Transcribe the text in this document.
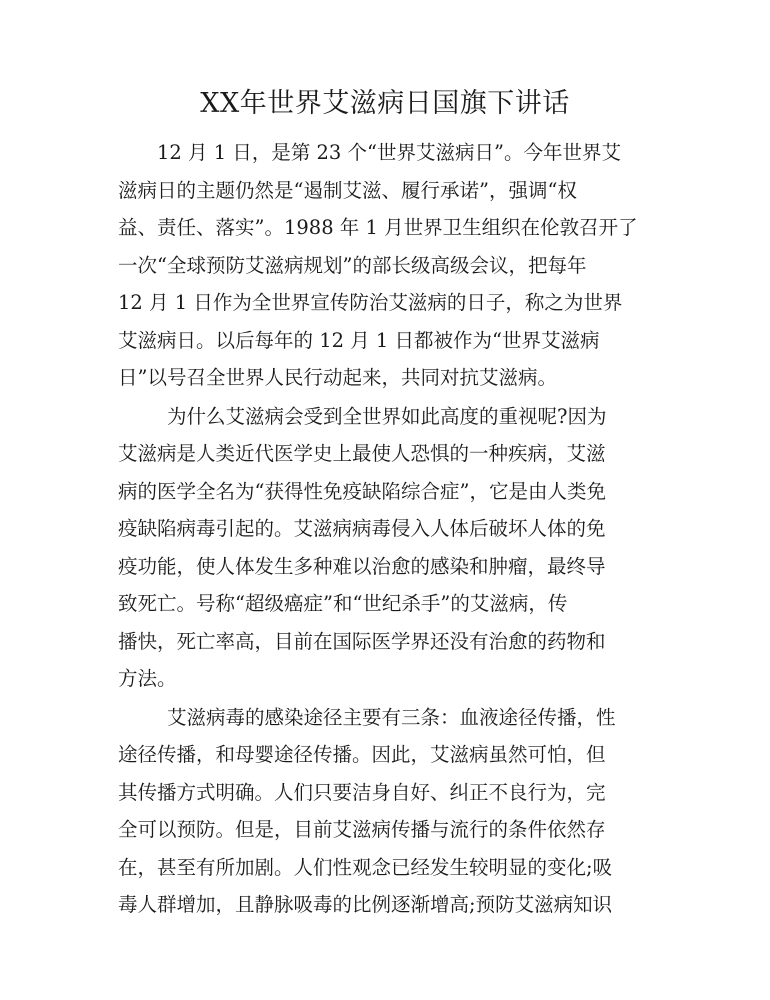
XX年世界艾滋病日国旗下讲话

12 月 1 日，是第 23 个“世界艾滋病日”。今年世界艾
滋病日的主题仍然是“遏制艾滋、履行承诺”，强调“权
益、责任、落实”。1988 年 1 月世界卫生组织在伦敦召开了
一次“全球预防艾滋病规划”的部长级高级会议，把每年
12 月 1 日作为全世界宣传防治艾滋病的日子，称之为世界
艾滋病日。以后每年的 12 月 1 日都被作为“世界艾滋病
日”以号召全世界人民行动起来，共同对抗艾滋病。

为什么艾滋病会受到全世界如此高度的重视呢?因为
艾滋病是人类近代医学史上最使人恐惧的一种疾病，艾滋
病的医学全名为“获得性免疫缺陷综合症”，它是由人类免
疫缺陷病毒引起的。艾滋病病毒侵入人体后破坏人体的免
疫功能，使人体发生多种难以治愈的感染和肿瘤，最终导
致死亡。号称“超级癌症”和“世纪杀手”的艾滋病，传
播快，死亡率高，目前在国际医学界还没有治愈的药物和
方法。

艾滋病毒的感染途径主要有三条：血液途径传播，性
途径传播，和母婴途径传播。因此，艾滋病虽然可怕，但
其传播方式明确。人们只要洁身自好、纠正不良行为，完
全可以预防。但是，目前艾滋病传播与流行的条件依然存
在，甚至有所加剧。人们性观念已经发生较明显的变化;吸
毒人群增加，且静脉吸毒的比例逐渐增高;预防艾滋病知识
